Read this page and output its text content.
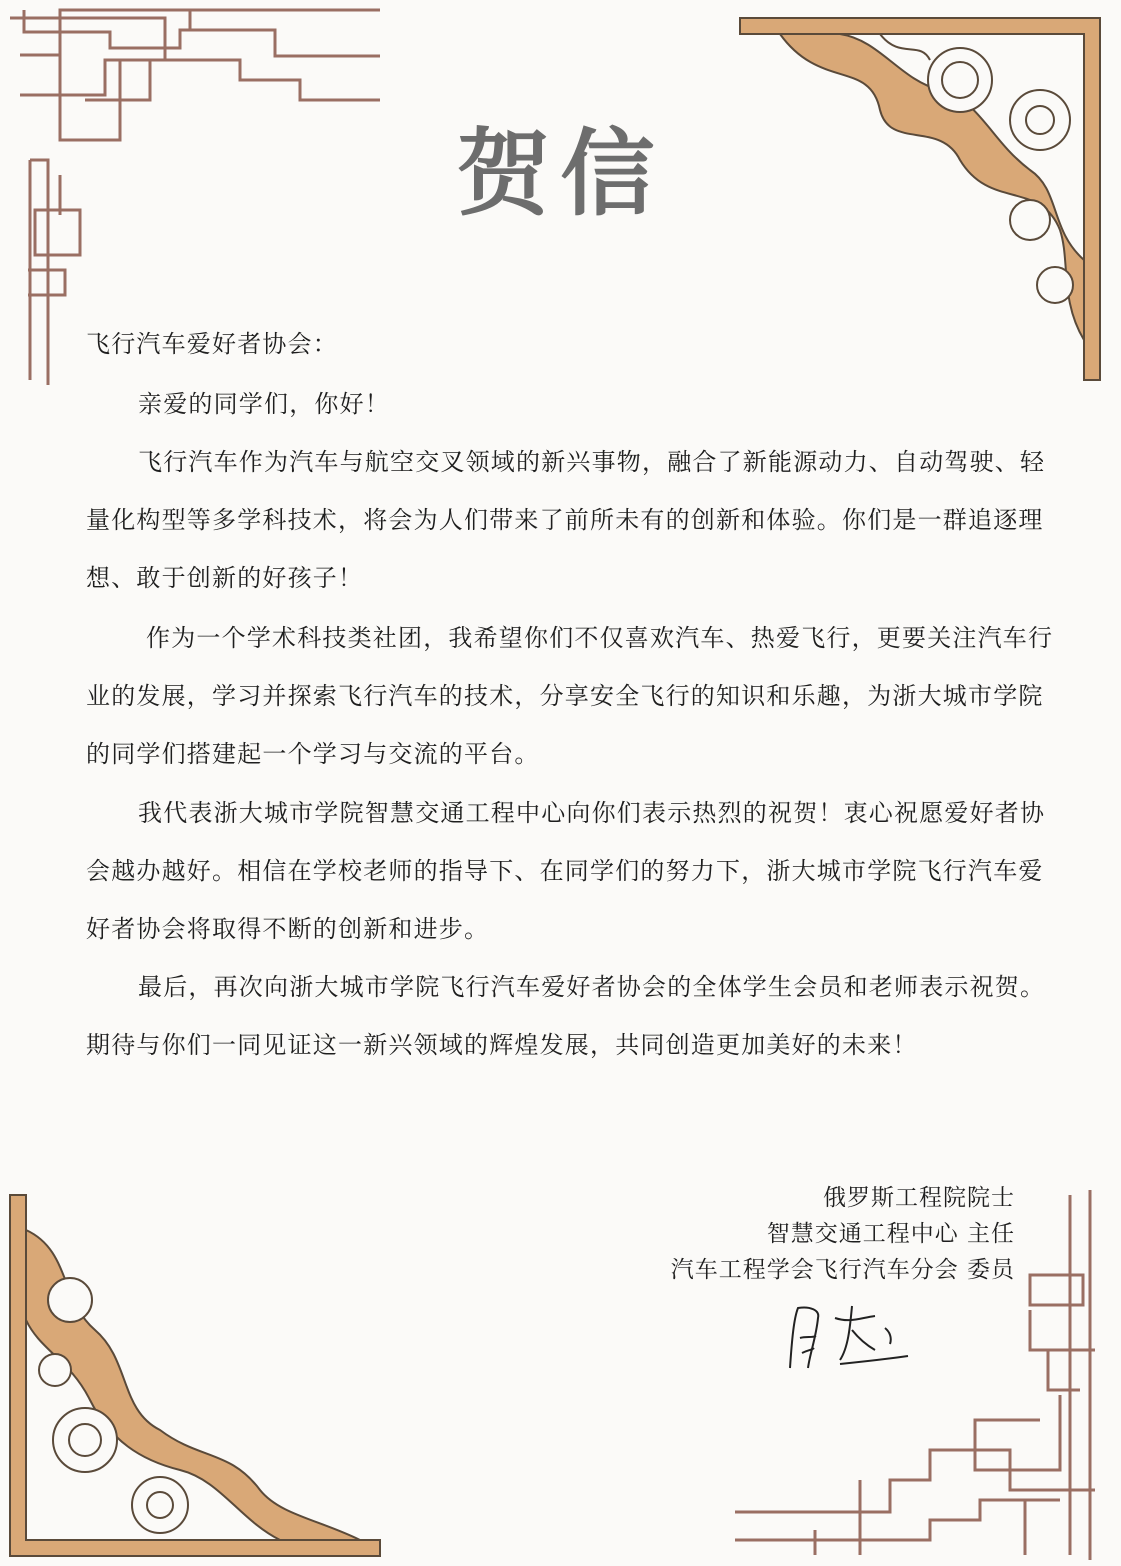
贺信

飞行汽车爱好者协会：

亲爱的同学们，你好！

飞行汽车作为汽车与航空交叉领域的新兴事物，融合了新能源动力、自动驾驶、轻量化构型等多学科技术，将会为人们带来了前所未有的创新和体验。你们是一群追逐理想、敢于创新的好孩子！

作为一个学术科技类社团，我希望你们不仅喜欢汽车、热爱飞行，更要关注汽车行业的发展，学习并探索飞行汽车的技术，分享安全飞行的知识和乐趣，为浙大城市学院的同学们搭建起一个学习与交流的平台。

我代表浙大城市学院智慧交通工程中心向你们表示热烈的祝贺！衷心祝愿爱好者协会越办越好。相信在学校老师的指导下、在同学们的努力下，浙大城市学院飞行汽车爱好者协会将取得不断的创新和进步。

最后，再次向浙大城市学院飞行汽车爱好者协会的全体学生会员和老师表示祝贺。期待与你们一同见证这一新兴领域的辉煌发展，共同创造更加美好的未来！

俄罗斯工程院院士
智慧交通工程中心 主任
汽车工程学会飞行汽车分会 委员
